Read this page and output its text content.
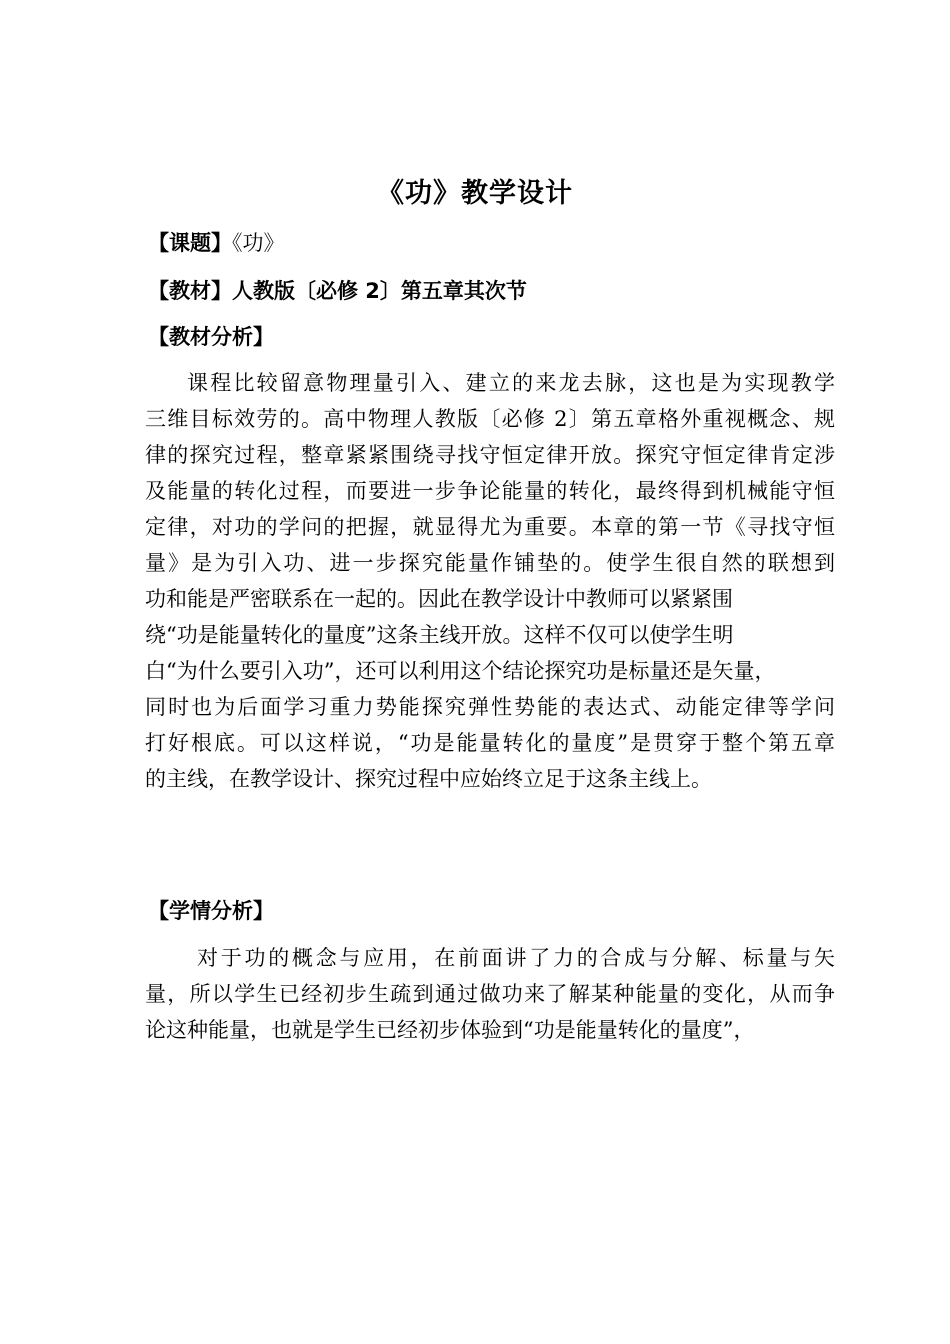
《功》教学设计
【课题】《功》
【教材】人教版〔必修 2〕第五章其次节
【教材分析】
课程比较留意物理量引入、建立的来龙去脉，这也是为实现教学
三维目标效劳的。高中物理人教版〔必修 2〕第五章格外重视概念、规
律的探究过程，整章紧紧围绕寻找守恒定律开放。探究守恒定律肯定涉
及能量的转化过程，而要进一步争论能量的转化，最终得到机械能守恒
定律，对功的学问的把握，就显得尤为重要。本章的第一节《寻找守恒
量》是为引入功、进一步探究能量作铺垫的。使学生很自然的联想到
功和能是严密联系在一起的。因此在教学设计中教师可以紧紧围
绕“功是能量转化的量度”这条主线开放。这样不仅可以使学生明
白“为什么要引入功”，还可以利用这个结论探究功是标量还是矢量，
同时也为后面学习重力势能探究弹性势能的表达式、动能定律等学问
打好根底。可以这样说，“功是能量转化的量度”是贯穿于整个第五章
的主线，在教学设计、探究过程中应始终立足于这条主线上。
【学情分析】
对于功的概念与应用，在前面讲了力的合成与分解、标量与矢
量，所以学生已经初步生疏到通过做功来了解某种能量的变化，从而争
论这种能量，也就是学生已经初步体验到“功是能量转化的量度”，
